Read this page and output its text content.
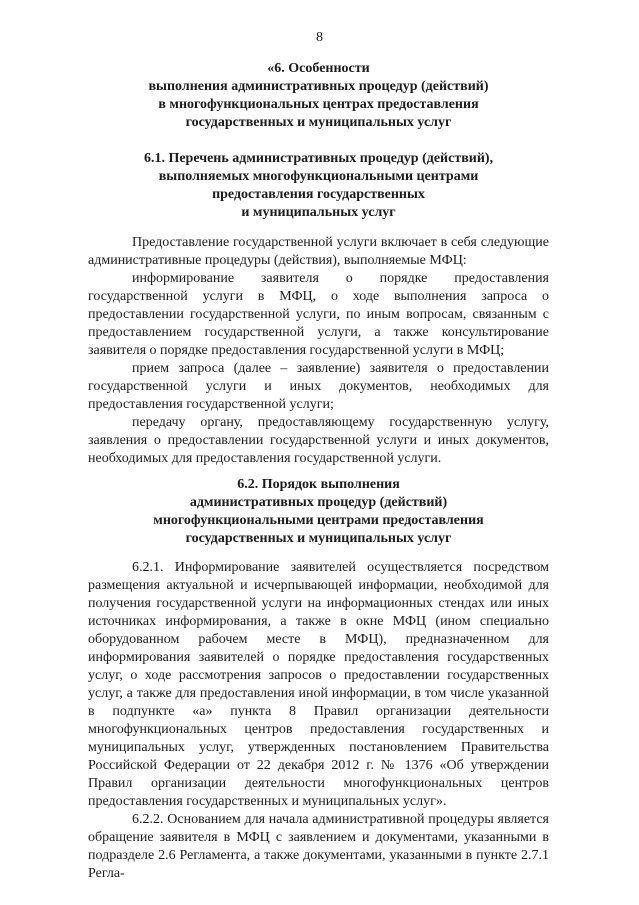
8
«6. Особенности
выполнения административных процедур (действий)
в многофункциональных центрах предоставления
государственных и муниципальных услуг
6.1. Перечень административных процедур (действий),
выполняемых многофункциональными центрами
предоставления государственных
и муниципальных услуг

Предоставление государственной услуги включает в себя следующие административные процедуры (действия), выполняемые МФЦ:

информирование заявителя о порядке предоставления государственной услуги в МФЦ, о ходе выполнения запроса о предоставлении государственной услуги, по иным вопросам, связанным с предоставлением государственной услуги, а также консультирование заявителя о порядке предоставления государственной услуги в МФЦ;

прием запроса (далее – заявление) заявителя о предоставлении государственной услуги и иных документов, необходимых для предоставления государственной услуги;

передачу органу, предоставляющему государственную услугу, заявления о предоставлении государственной услуги и иных документов, необходимых для предоставления государственной услуги.

6.2. Порядок выполнения
административных процедур (действий)
многофункциональными центрами предоставления
государственных и муниципальных услуг

6.2.1. Информирование заявителей осуществляется посредством размещения актуальной и исчерпывающей информации, необходимой для получения государственной услуги на информационных стендах или иных источниках информирования, а также в окне МФЦ (ином специально оборудованном рабочем месте в МФЦ), предназначенном для информирования заявителей о порядке предоставления государственных услуг, о ходе рассмотрения запросов о предоставлении государственных услуг, а также для предоставления иной информации, в том числе указанной в подпункте «а» пункта 8 Правил организации деятельности многофункциональных центров предоставления государственных и муниципальных услуг, утвержденных постановлением Правительства Российской Федерации от 22 декабря 2012 г. № 1376 «Об утверждении Правил организации деятельности многофункциональных центров предоставления государственных и муниципальных услуг».

6.2.2. Основанием для начала административной процедуры является обращение заявителя в МФЦ с заявлением и документами, указанными в подразделе 2.6 Регламента, а также документами, указанными в пункте 2.7.1 Регла-
